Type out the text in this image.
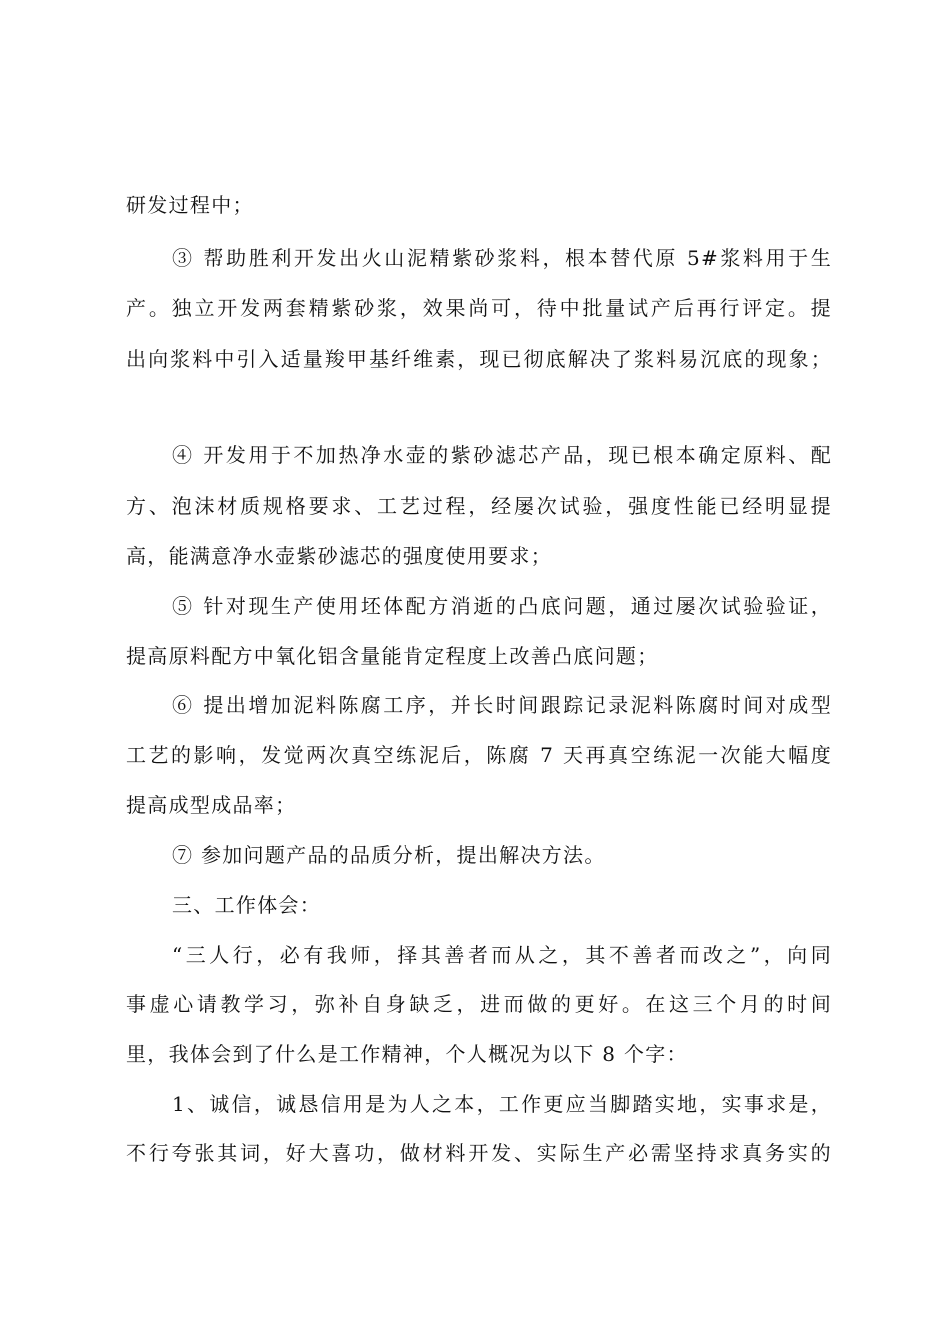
研发过程中；

③ 帮助胜利开发出火山泥精紫砂浆料，根本替代原 5#浆料用于生

产。独立开发两套精紫砂浆，效果尚可，待中批量试产后再行评定。提

出向浆料中引入适量羧甲基纤维素，现已彻底解决了浆料易沉底的现象；

④ 开发用于不加热净水壶的紫砂滤芯产品，现已根本确定原料、配

方、泡沫材质规格要求、工艺过程，经屡次试验，强度性能已经明显提

高，能满意净水壶紫砂滤芯的强度使用要求；

⑤ 针对现生产使用坯体配方消逝的凸底问题，通过屡次试验验证，

提高原料配方中氧化铝含量能肯定程度上改善凸底问题；

⑥ 提出增加泥料陈腐工序，并长时间跟踪记录泥料陈腐时间对成型

工艺的影响，发觉两次真空练泥后，陈腐 7 天再真空练泥一次能大幅度

提高成型成品率；

⑦ 参加问题产品的品质分析，提出解决方法。

三、工作体会：

“三人行，必有我师，择其善者而从之，其不善者而改之”，向同

事虚心请教学习，弥补自身缺乏，进而做的更好。在这三个月的时间

里，我体会到了什么是工作精神，个人概况为以下 8 个字：

1、诚信，诚恳信用是为人之本，工作更应当脚踏实地，实事求是，

不行夸张其词，好大喜功，做材料开发、实际生产必需坚持求真务实的
